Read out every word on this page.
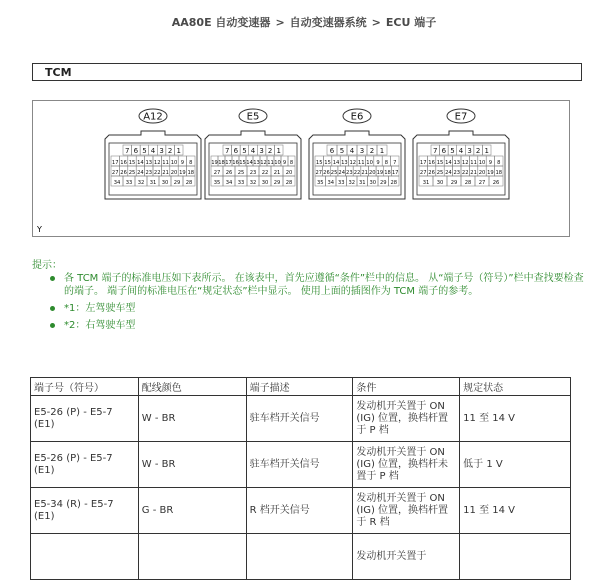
AA80E 自动变速器 > 自动变速器系统 > ECU 端子
TCM
A12
7 6 5 4 3 2 1
17 16 15 14 13 12 11 10 9 8
27 26 25 24 23 22 21 20 19 18
34 33 32 31 30 29 28
E5
7 6 5 4 3 2 1
19 18 17 16 15 14 13 12 11 10 9 8
27 26 25 23 22 21 20
35 34 33 32 30 29 28
E6
6 5 4 3 2 1
15 15 14 13 12 11 10 9 8 7
27 26 25 24 23 22 21 20 19 18 17
35 34 33 32 31 30 29 28
E7
7 6 5 4 3 2 1
17 16 15 14 13 12 11 10 9 8
27 26 25 24 23 22 21 20 19 18
31 30 29 28 27 26
Y
提示：
各 TCM 端子的标准电压如下表所示。 在该表中，首先应遵循“条件”栏中的信息。 从“端子号（符号）”栏中查找要检查的端子。 端子间的标准电压在“规定状态”栏中显示。 使用上面的插图作为 TCM 端子的参考。
*1：左驾驶车型
*2：右驾驶车型
端子号（符号）	配线颜色	端子描述	条件	规定状态
E5-26 (P) - E5-7 (E1)	W - BR	驻车档开关信号	发动机开关置于 ON (IG) 位置，换档杆置于 P 档	11 至 14 V
E5-26 (P) - E5-7 (E1)	W - BR	驻车档开关信号	发动机开关置于 ON (IG) 位置，换档杆未置于 P 档	低于 1 V
E5-34 (R) - E5-7 (E1)	G - BR	R 档开关信号	发动机开关置于 ON (IG) 位置，换档杆置于 R 档	11 至 14 V
			发动机开关置于	
